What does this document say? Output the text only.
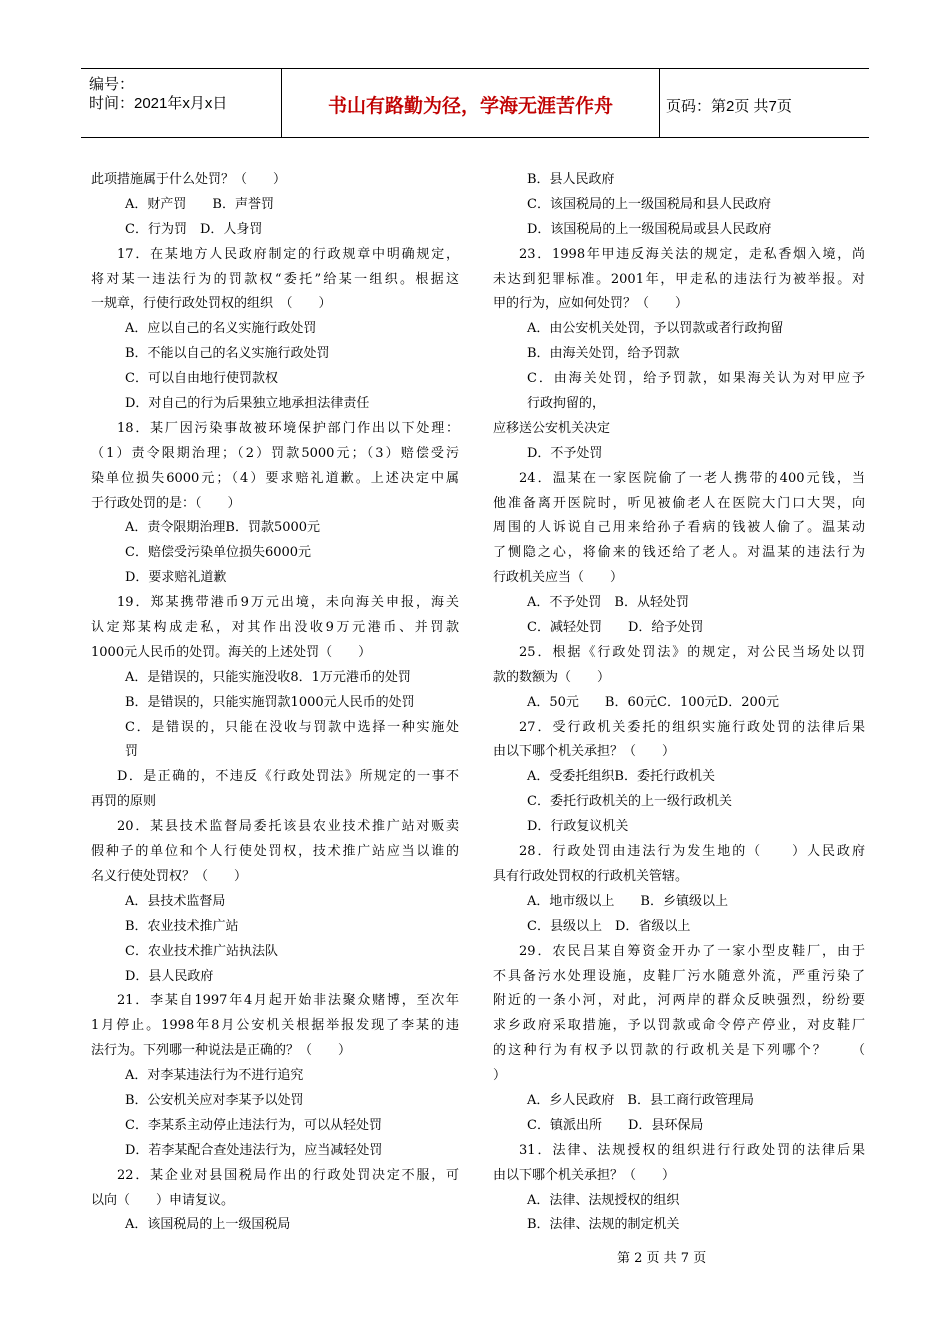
编号：
时间：2021年x月x日	书山有路勤为径，学海无涯苦作舟	页码：第2页 共7页
此项措施属于什么处罚？（　　）
A．财产罚　　B．声誉罚
C．行为罚　D．人身罚
17．在某地方人民政府制定的行政规章中明确规定，
将对某一违法行为的罚款权“委托”给某一组织。根据这
一规章，行使行政处罚权的组织　（　　）
A．应以自己的名义实施行政处罚
B．不能以自己的名义实施行政处罚
C．可以自由地行使罚款权
D．对自己的行为后果独立地承担法律责任
18．某厂因污染事故被环境保护部门作出以下处理：
（1）责令限期治理；（2）罚款5000元；（3）赔偿受污
染单位损失6000元；（4）要求赔礼道歉。上述决定中属
于行政处罚的是：（　　）
A．责令限期治理B．罚款5000元
C．赔偿受污染单位损失6000元
D．要求赔礼道歉
19．郑某携带港币9万元出境，未向海关申报，海关
认定郑某构成走私，对其作出没收9万元港币、并罚款
1000元人民币的处罚。海关的上述处罚（　　）
A．是错误的，只能实施没收8．1万元港币的处罚
B．是错误的，只能实施罚款1000元人民币的处罚
C．是错误的，只能在没收与罚款中选择一种实施处
罚
D．是正确的，不违反《行政处罚法》所规定的一事不
再罚的原则
20．某县技术监督局委托该县农业技术推广站对贩卖
假种子的单位和个人行使处罚权，技术推广站应当以谁的
名义行使处罚权？（　　）
A．县技术监督局
B．农业技术推广站
C．农业技术推广站执法队
D．县人民政府
21．李某自1997年4月起开始非法聚众赌博，至次年
1月停止。1998年8月公安机关根据举报发现了李某的违
法行为。下列哪一种说法是正确的？（　　）
A．对李某违法行为不进行追究
B．公安机关应对李某予以处罚
C．李某系主动停止违法行为，可以从轻处罚
D．若李某配合查处违法行为，应当减轻处罚
22．某企业对县国税局作出的行政处罚决定不服，可
以向（　　）申请复议。
A．该国税局的上一级国税局
B．县人民政府
C．该国税局的上一级国税局和县人民政府
D．该国税局的上一级国税局或县人民政府
23．1998年甲违反海关法的规定，走私香烟入境，尚
未达到犯罪标准。2001年，甲走私的违法行为被举报。对
甲的行为，应如何处罚？（　　）
A．由公安机关处罚，予以罚款或者行政拘留
B．由海关处罚，给予罚款
C．由海关处罚，给予罚款，如果海关认为对甲应予
行政拘留的，
应移送公安机关决定
D．不予处罚
24．温某在一家医院偷了一老人携带的400元钱，当
他准备离开医院时，听见被偷老人在医院大门口大哭，向
周围的人诉说自己用来给孙子看病的钱被人偷了。温某动
了恻隐之心，将偷来的钱还给了老人。对温某的违法行为
行政机关应当（　　）
A．不予处罚　B．从轻处罚
C．减轻处罚　　D．给予处罚
25．根据《行政处罚法》的规定，对公民当场处以罚
款的数额为（　　）
A．50元　　B．60元C．100元D．200元
27．受行政机关委托的组织实施行政处罚的法律后果
由以下哪个机关承担？（　　）
A．受委托组织B．委托行政机关
C．委托行政机关的上一级行政机关
D．行政复议机关
28．行政处罚由违法行为发生地的（　　）人民政府
具有行政处罚权的行政机关管辖。
A．地市级以上　　B．乡镇级以上
C．县级以上　D．省级以上
29．农民吕某自筹资金开办了一家小型皮鞋厂，由于
不具备污水处理设施，皮鞋厂污水随意外流，严重污染了
附近的一条小河，对此，河两岸的群众反映强烈，纷纷要
求乡政府采取措施，予以罚款或命令停产停业，对皮鞋厂
的这种行为有权予以罚款的行政机关是下列哪个？　　（
）
A．乡人民政府　B．县工商行政管理局
C．镇派出所　　D．县环保局
31．法律、法规授权的组织进行行政处罚的法律后果
由以下哪个机关承担？（　　）
A．法律、法规授权的组织
B．法律、法规的制定机关
第 2 页 共 7 页
